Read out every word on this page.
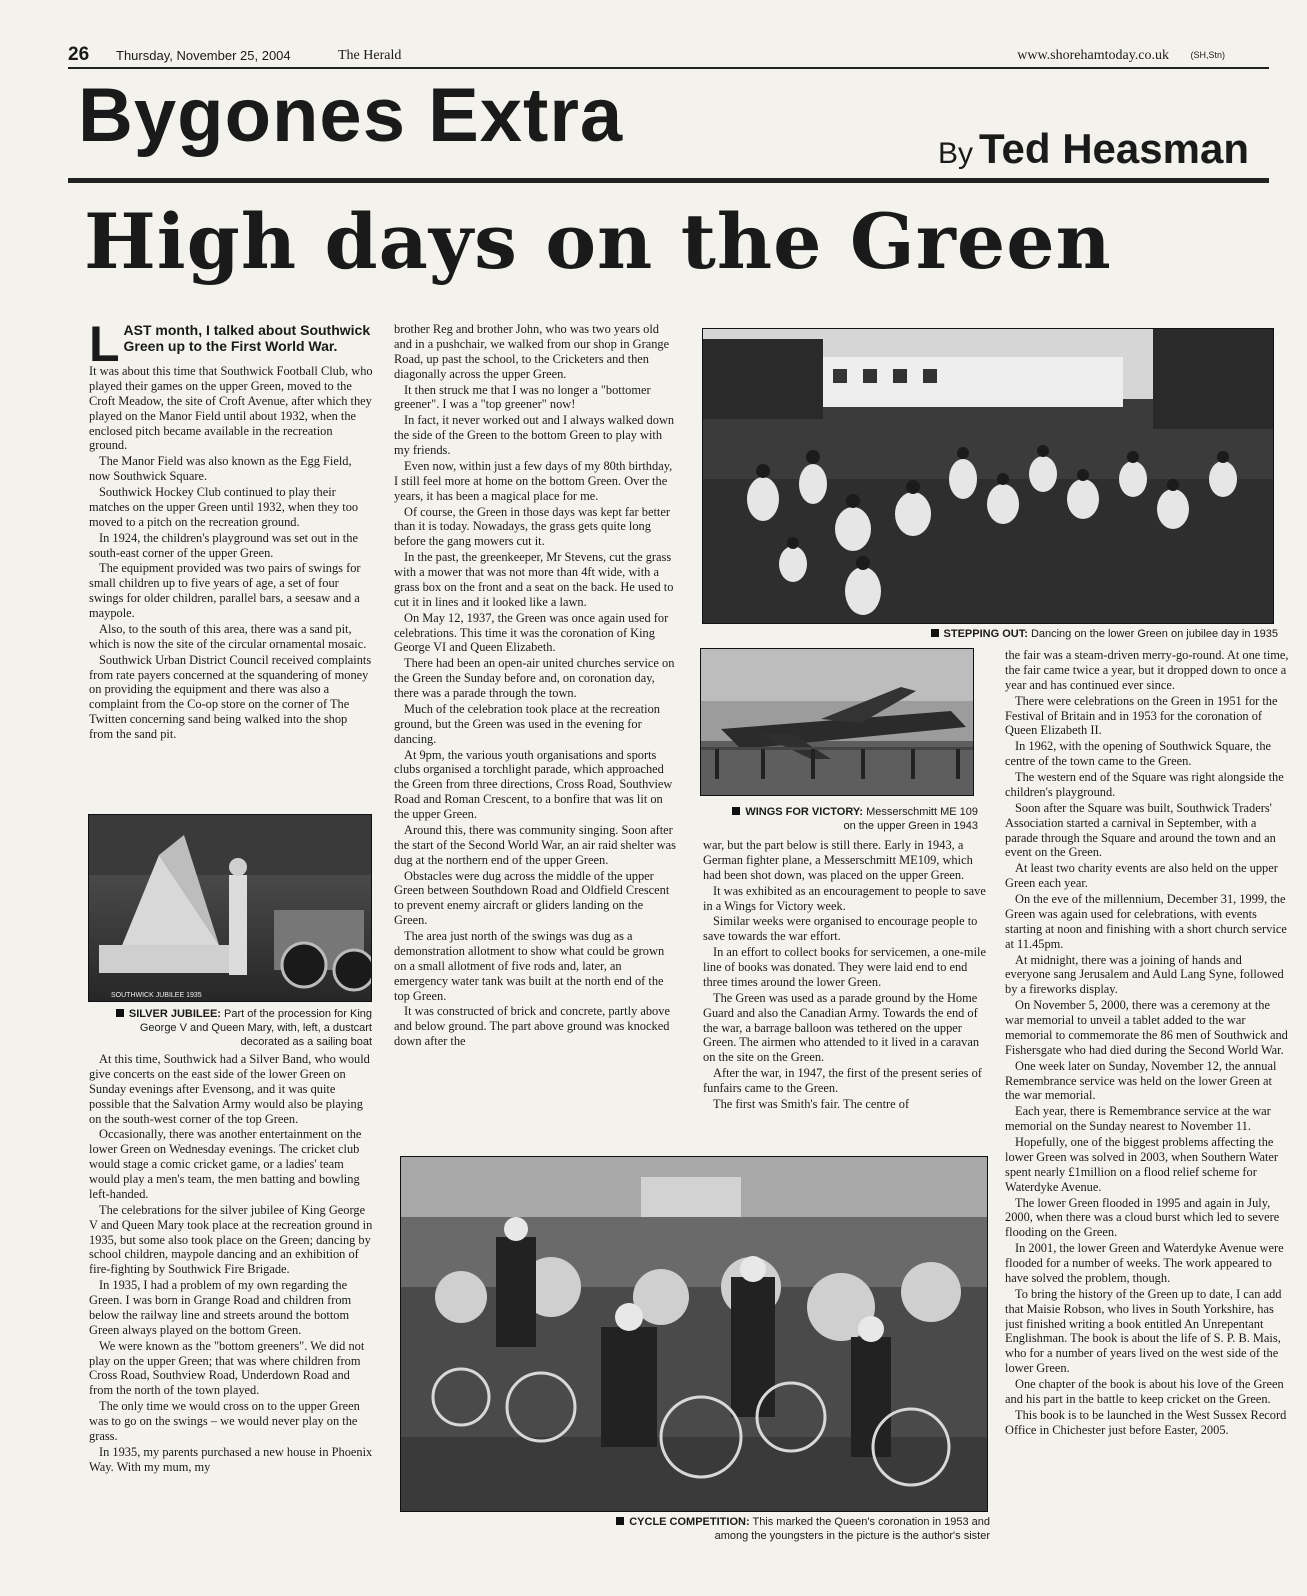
26 Thursday, November 25, 2004	The Herald	www.shorehamtoday.co.uk (SH,Stn)
Bygones Extra	By Ted Heasman
High days on the Green
L AST month, I talked about Southwick Green up to the First World War.

It was about this time that Southwick Football Club, who played their games on the upper Green, moved to the Croft Meadow, the site of Croft Avenue, after which they played on the Manor Field until about 1932, when the enclosed pitch became available in the recreation ground.

The Manor Field was also known as the Egg Field, now Southwick Square.

Southwick Hockey Club continued to play their matches on the upper Green until 1932, when they too moved to a pitch on the recreation ground.

In 1924, the children's playground was set out in the south-east corner of the upper Green.

The equipment provided was two pairs of swings for small children up to five years of age, a set of four swings for older children, parallel bars, a seesaw and a maypole.

Also, to the south of this area, there was a sand pit, which is now the site of the circular ornamental mosaic.

Southwick Urban District Council received complaints from rate payers concerned at the squandering of money on providing the equipment and there was also a complaint from the Co-op store on the corner of The Twitten concerning sand being walked into the shop from the sand pit.

SOUTHWICK JUBILEE 1935
SILVER JUBILEE: Part of the procession for King George V and Queen Mary, with, left, a dustcart decorated as a sailing boat

At this time, Southwick had a Silver Band, who would give concerts on the east side of the lower Green on Sunday evenings after Evensong, and it was quite possible that the Salvation Army would also be playing on the south-west corner of the top Green.

Occasionally, there was another entertainment on the lower Green on Wednesday evenings. The cricket club would stage a comic cricket game, or a ladies' team would play a men's team, the men batting and bowling left-handed.

The celebrations for the silver jubilee of King George V and Queen Mary took place at the recreation ground in 1935, but some also took place on the Green; dancing by school children, maypole dancing and an exhibition of fire-fighting by Southwick Fire Brigade.

In 1935, I had a problem of my own regarding the Green. I was born in Grange Road and children from below the railway line and streets around the bottom Green always played on the bottom Green.

We were known as the "bottom greeners". We did not play on the upper Green; that was where children from Cross Road, Southview Road, Underdown Road and from the north of the town played.

The only time we would cross on to the upper Green was to go on the swings – we would never play on the grass.

In 1935, my parents purchased a new house in Phoenix Way. With my mum, my

brother Reg and brother John, who was two years old and in a pushchair, we walked from our shop in Grange Road, up past the school, to the Cricketers and then diagonally across the upper Green.

It then struck me that I was no longer a "bottomer greener". I was a "top greener" now!

In fact, it never worked out and I always walked down the side of the Green to the bottom Green to play with my friends.

Even now, within just a few days of my 80th birthday, I still feel more at home on the bottom Green. Over the years, it has been a magical place for me.

Of course, the Green in those days was kept far better than it is today. Nowadays, the grass gets quite long before the gang mowers cut it.

In the past, the greenkeeper, Mr Stevens, cut the grass with a mower that was not more than 4ft wide, with a grass box on the front and a seat on the back. He used to cut it in lines and it looked like a lawn.

On May 12, 1937, the Green was once again used for celebrations. This time it was the coronation of King George VI and Queen Elizabeth.

There had been an open-air united churches service on the Green the Sunday before and, on coronation day, there was a parade through the town.

Much of the celebration took place at the recreation ground, but the Green was used in the evening for dancing.

At 9pm, the various youth organisations and sports clubs organised a torchlight parade, which approached the Green from three directions, Cross Road, Southview Road and Roman Crescent, to a bonfire that was lit on the upper Green.

Around this, there was community singing. Soon after the start of the Second World War, an air raid shelter was dug at the northern end of the upper Green.

Obstacles were dug across the middle of the upper Green between Southdown Road and Oldfield Crescent to prevent enemy aircraft or gliders landing on the Green.

The area just north of the swings was dug as a demonstration allotment to show what could be grown on a small allotment of five rods and, later, an emergency water tank was built at the north end of the top Green.

It was constructed of brick and concrete, partly above and below ground. The part above ground was knocked down after the

STEPPING OUT: Dancing on the lower Green on jubilee day in 1935
WINGS FOR VICTORY: Messerschmitt ME 109 on the upper Green in 1943

war, but the part below is still there. Early in 1943, a German fighter plane, a Messerschmitt ME109, which had been shot down, was placed on the upper Green.

It was exhibited as an encouragement to people to save in a Wings for Victory week.

Similar weeks were organised to encourage people to save towards the war effort.

In an effort to collect books for servicemen, a one-mile line of books was donated. They were laid end to end three times around the lower Green.

The Green was used as a parade ground by the Home Guard and also the Canadian Army. Towards the end of the war, a barrage balloon was tethered on the upper Green. The airmen who attended to it lived in a caravan on the site on the Green.

After the war, in 1947, the first of the present series of funfairs came to the Green.

The first was Smith's fair. The centre of

the fair was a steam-driven merry-go-round. At one time, the fair came twice a year, but it dropped down to once a year and has continued ever since.

There were celebrations on the Green in 1951 for the Festival of Britain and in 1953 for the coronation of Queen Elizabeth II.

In 1962, with the opening of Southwick Square, the centre of the town came to the Green.

The western end of the Square was right alongside the children's playground.

Soon after the Square was built, Southwick Traders' Association started a carnival in September, with a parade through the Square and around the town and an event on the Green.

At least two charity events are also held on the upper Green each year.

On the eve of the millennium, December 31, 1999, the Green was again used for celebrations, with events starting at noon and finishing with a short church service at 11.45pm.

At midnight, there was a joining of hands and everyone sang Jerusalem and Auld Lang Syne, followed by a fireworks display.

On November 5, 2000, there was a ceremony at the war memorial to unveil a tablet added to the war memorial to commemorate the 86 men of Southwick and Fishersgate who had died during the Second World War.

One week later on Sunday, November 12, the annual Remembrance service was held on the lower Green at the war memorial.

Each year, there is Remembrance service at the war memorial on the Sunday nearest to November 11.

Hopefully, one of the biggest problems affecting the lower Green was solved in 2003, when Southern Water spent nearly £1million on a flood relief scheme for Waterdyke Avenue.

The lower Green flooded in 1995 and again in July, 2000, when there was a cloud burst which led to severe flooding on the Green.

In 2001, the lower Green and Waterdyke Avenue were flooded for a number of weeks. The work appeared to have solved the problem, though.

To bring the history of the Green up to date, I can add that Maisie Robson, who lives in South Yorkshire, has just finished writing a book entitled An Unrepentant Englishman. The book is about the life of S. P. B. Mais, who for a number of years lived on the west side of the lower Green.

One chapter of the book is about his love of the Green and his part in the battle to keep cricket on the Green.

This book is to be launched in the West Sussex Record Office in Chichester just before Easter, 2005.

CYCLE COMPETITION: This marked the Queen's coronation in 1953 and among the youngsters in the picture is the author's sister
